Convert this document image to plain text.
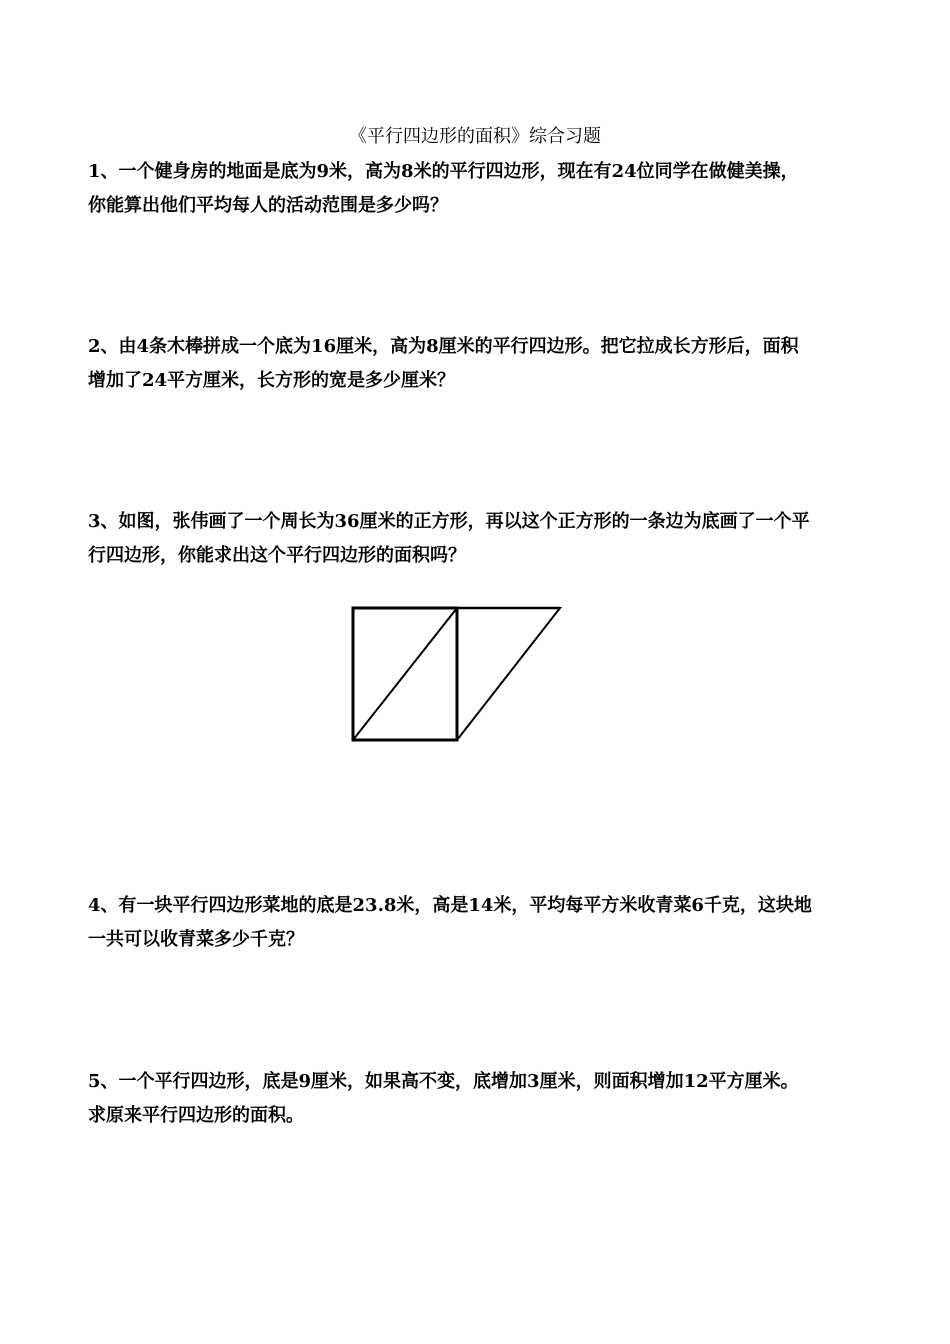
《平行四边形的面积》综合习题
1、一个健身房的地面是底为9米，高为8米的平行四边形，现在有24位同学在做健美操，
你能算出他们平均每人的活动范围是多少吗？
2、由4条木棒拼成一个底为16厘米，高为8厘米的平行四边形。把它拉成长方形后，面积
增加了24平方厘米，长方形的宽是多少厘米？
3、如图，张伟画了一个周长为36厘米的正方形，再以这个正方形的一条边为底画了一个平
行四边形，你能求出这个平行四边形的面积吗？
4、有一块平行四边形菜地的底是23.8米，高是14米，平均每平方米收青菜6千克，这块地
一共可以收青菜多少千克？
5、一个平行四边形，底是9厘米，如果高不变，底增加3厘米，则面积增加12平方厘米。
求原来平行四边形的面积。
